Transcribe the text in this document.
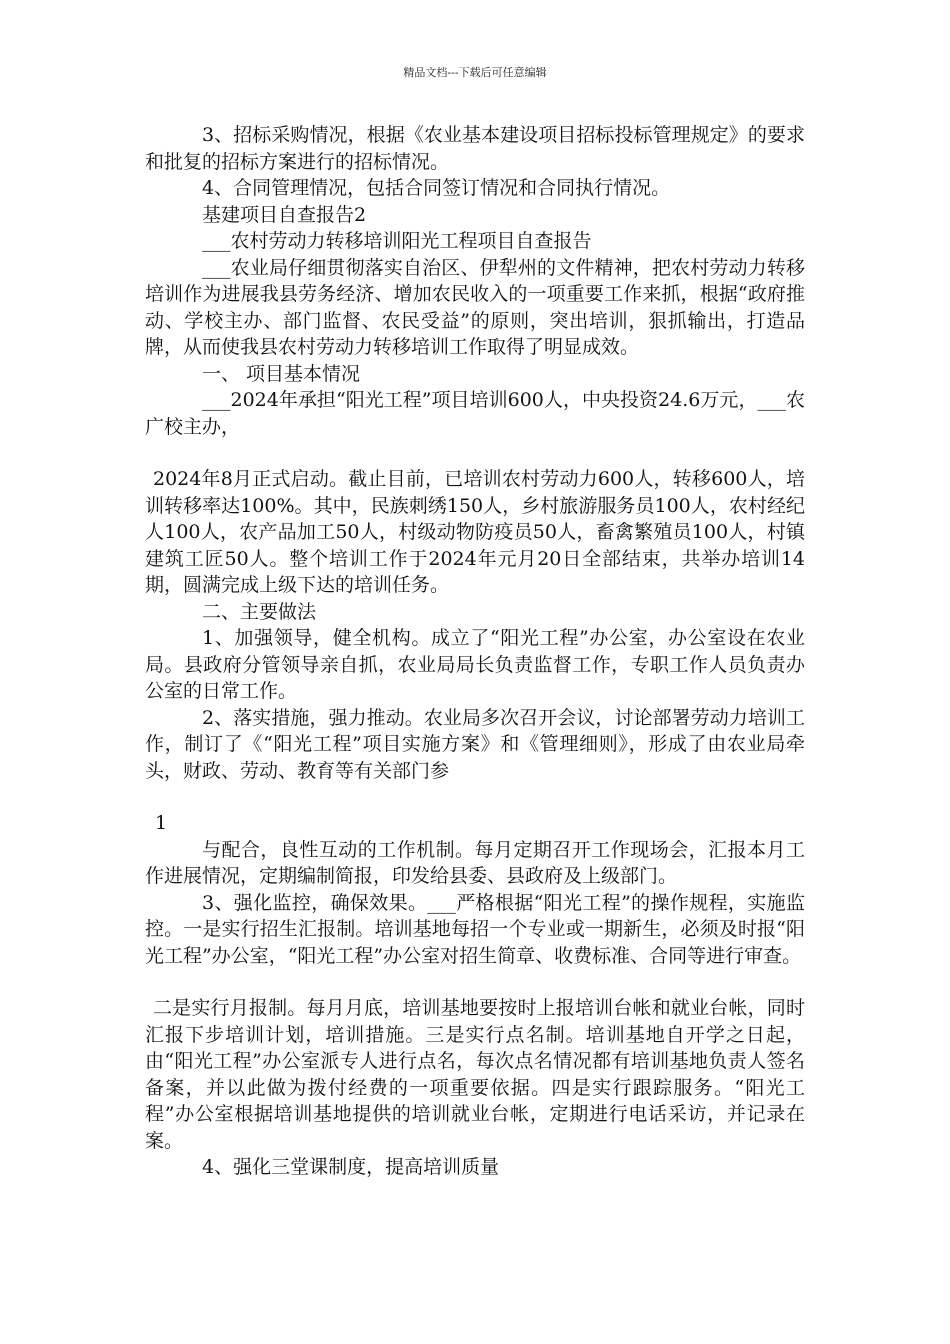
精品文档---下载后可任意编辑

3、招标采购情况，根据《农业基本建设项目招标投标管理规定》的要求和批复的招标方案进行的招标情况。

4、合同管理情况，包括合同签订情况和合同执行情况。

基建项目自查报告2

___农村劳动力转移培训阳光工程项目自查报告

___农业局仔细贯彻落实自治区、伊犁州的文件精神，把农村劳动力转移培训作为进展我县劳务经济、增加农民收入的一项重要工作来抓，根据“政府推动、学校主办、部门监督、农民受益”的原则，突出培训，狠抓输出，打造品牌，从而使我县农村劳动力转移培训工作取得了明显成效。

一、 项目基本情况

___2024年承担“阳光工程”项目培训600人，中央投资24.6万元，___农广校主办，

2024年8月正式启动。截止目前，已培训农村劳动力600人，转移600人，培训转移率达100%。其中，民族刺绣150人，乡村旅游服务员100人，农村经纪人100人，农产品加工50人，村级动物防疫员50人，畜禽繁殖员100人，村镇建筑工匠50人。整个培训工作于2024年元月20日全部结束，共举办培训14期，圆满完成上级下达的培训任务。

二、主要做法

1、加强领导，健全机构。成立了“阳光工程”办公室，办公室设在农业局。县政府分管领导亲自抓，农业局局长负责监督工作，专职工作人员负责办公室的日常工作。

2、落实措施，强力推动。农业局多次召开会议，讨论部署劳动力培训工作，制订了《“阳光工程”项目实施方案》和《管理细则》，形成了由农业局牵头，财政、劳动、教育等有关部门参

1

与配合，良性互动的工作机制。每月定期召开工作现场会，汇报本月工作进展情况，定期编制简报，印发给县委、县政府及上级部门。

3、强化监控，确保效果。___严格根据“阳光工程”的操作规程，实施监控。一是实行招生汇报制。培训基地每招一个专业或一期新生，必须及时报“阳光工程”办公室，“阳光工程”办公室对招生简章、收费标准、合同等进行审查。

二是实行月报制。每月月底，培训基地要按时上报培训台帐和就业台帐，同时汇报下步培训计划，培训措施。三是实行点名制。培训基地自开学之日起，由“阳光工程”办公室派专人进行点名，每次点名情况都有培训基地负责人签名备案，并以此做为拨付经费的一项重要依据。四是实行跟踪服务。“阳光工程”办公室根据培训基地提供的培训就业台帐，定期进行电话采访，并记录在案。

4、强化三堂课制度，提高培训质量
